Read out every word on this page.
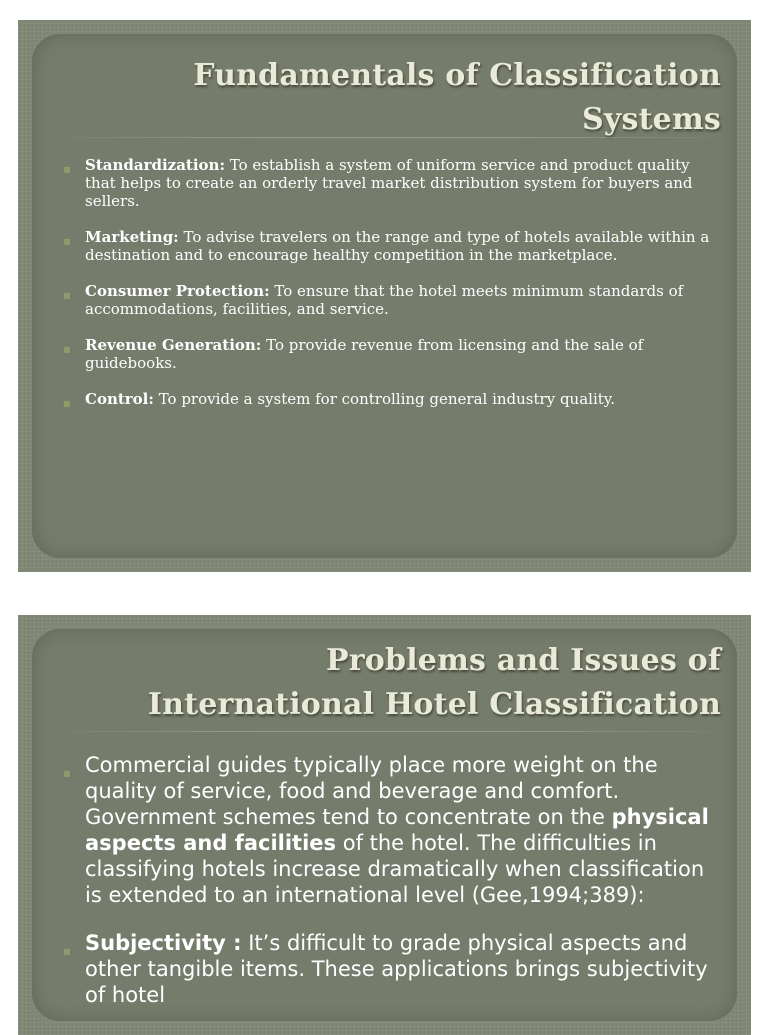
Fundamentals of Classification
Systems
■ Standardization: To establish a system of uniform service and product quality that helps to create an orderly travel market distribution system for buyers and sellers.
■ Marketing: To advise travelers on the range and type of hotels available within a destination and to encourage healthy competition in the marketplace.
■ Consumer Protection: To ensure that the hotel meets minimum standards of accommodations, facilities, and service.
■ Revenue Generation: To provide revenue from licensing and the sale of guidebooks.
■ Control: To provide a system for controlling general industry quality.
Problems and Issues of
International Hotel Classification
■ Commercial guides typically place more weight on the quality of service, food and beverage and comfort. Government schemes tend to concentrate on the physical aspects and facilities of the hotel. The difficulties in classifying hotels increase dramatically when classification is extended to an international level (Gee,1994;389):
■ Subjectivity : It’s difficult to grade physical aspects and other tangible items. These applications brings subjectivity of hotel
